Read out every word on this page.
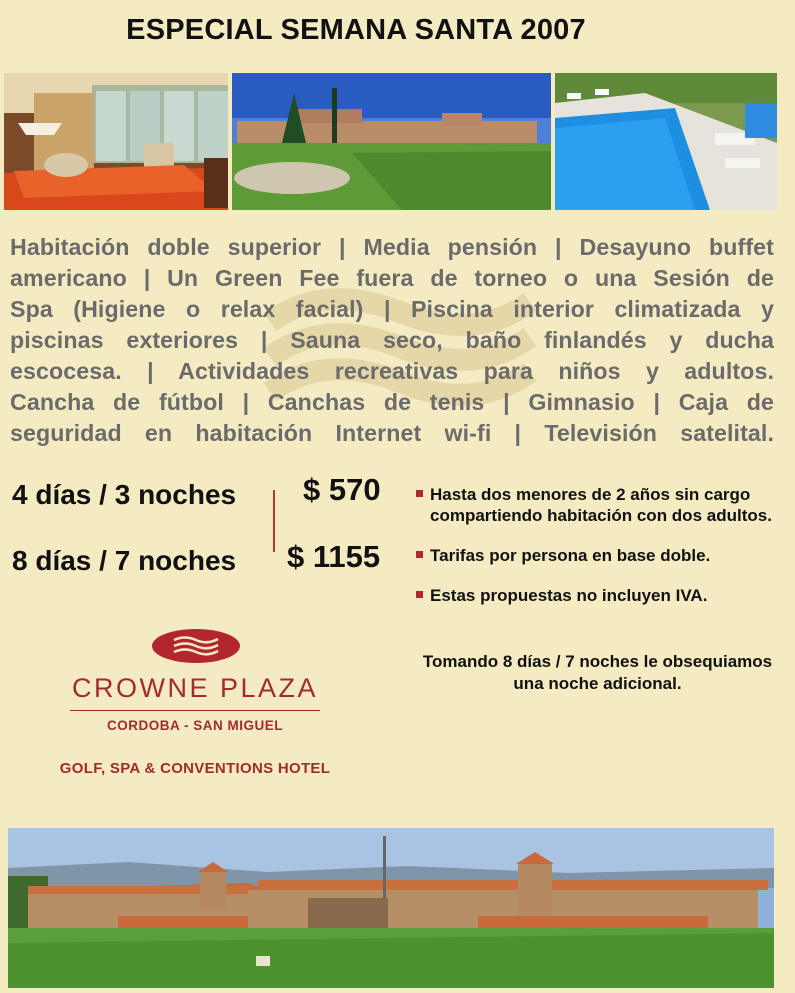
ESPECIAL SEMANA SANTA 2007
Habitación doble superior | Media pensión | Desayuno buffet
americano | Un Green Fee fuera de torneo o una Sesión de
Spa (Higiene o relax facial) | Piscina interior climatizada y
piscinas exteriores | Sauna seco, baño finlandés y ducha
escocesa. | Actividades recreativas para niños y adultos.
Cancha de fútbol | Canchas de tenis | Gimnasio | Caja de
seguridad en habitación Internet wi-fi | Televisión satelital.
4 días / 3 noches $ 570
8 días / 7 noches $ 1155
Hasta dos menores de 2 años sin cargo compartiendo habitación con dos adultos.
Tarifas por persona en base doble.
Estas propuestas no incluyen IVA.
Tomando 8 días / 7 noches le obsequiamos una noche adicional.
CROWNE PLAZA
CORDOBA - SAN MIGUEL
GOLF, SPA & CONVENTIONS HOTEL
